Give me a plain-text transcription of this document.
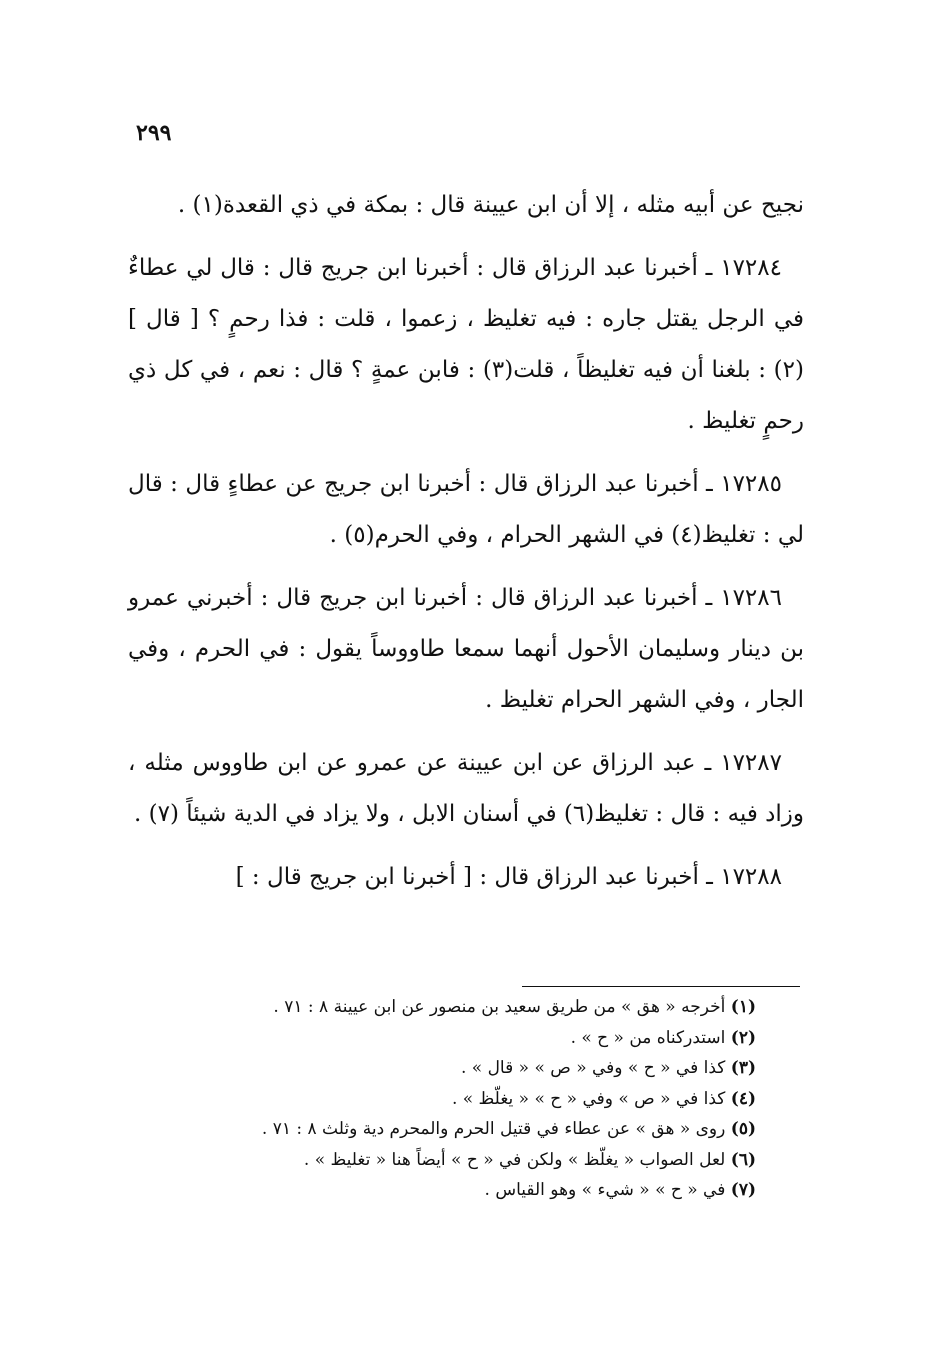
٢٩٩

نجيح عن أبيه مثله ، إلا أن ابن عيينة قال : بمكة في ذي القعدة(١) .

١٧٢٨٤ ـ أخبرنا عبد الرزاق قال : أخبرنا ابن جريج قال : قال لي عطاءٌ في الرجل يقتل جاره : فيه تغليظ ، زعموا ، قلت : فذا رحمٍ ؟ [ قال ] (٢) : بلغنا أن فيه تغليظاً ، قلت(٣) : فابن عمةٍ ؟ قال : نعم ، في كل ذي رحمٍ تغليظ .

١٧٢٨٥ ـ أخبرنا عبد الرزاق قال : أخبرنا ابن جريج عن عطاءٍ قال : قال لي : تغليظ(٤) في الشهر الحرام ، وفي الحرم(٥) .

١٧٢٨٦ ـ أخبرنا عبد الرزاق قال : أخبرنا ابن جريج قال : أخبرني عمرو بن دينار وسليمان الأحول أنهما سمعا طاووساً يقول : في الحرم ، وفي الجار ، وفي الشهر الحرام تغليظ .

١٧٢٨٧ ـ عبد الرزاق عن ابن عيينة عن عمرو عن ابن طاووس مثله ، وزاد فيه : قال : تغليظ(٦) في أسنان الابل ، ولا يزاد في الدية شيئاً (٧) .

١٧٢٨٨ ـ أخبرنا عبد الرزاق قال : [ أخبرنا ابن جريج قال : ]

(١) أخرجه « هق » من طريق سعيد بن منصور عن ابن عيينة ٨ : ٧١ .
(٢) استدركناه من « ح » .
(٣) كذا في « ح » وفي « ص » « قال » .
(٤) كذا في « ص » وفي « ح » « يغلّظ » .
(٥) روى « هق » عن عطاء في قتيل الحرم والمحرم دية وثلث ٨ : ٧١ .
(٦) لعل الصواب « يغلّظ » ولكن في « ح » أيضاً هنا « تغليظ » .
(٧) في « ح » « شيء » وهو القياس .
